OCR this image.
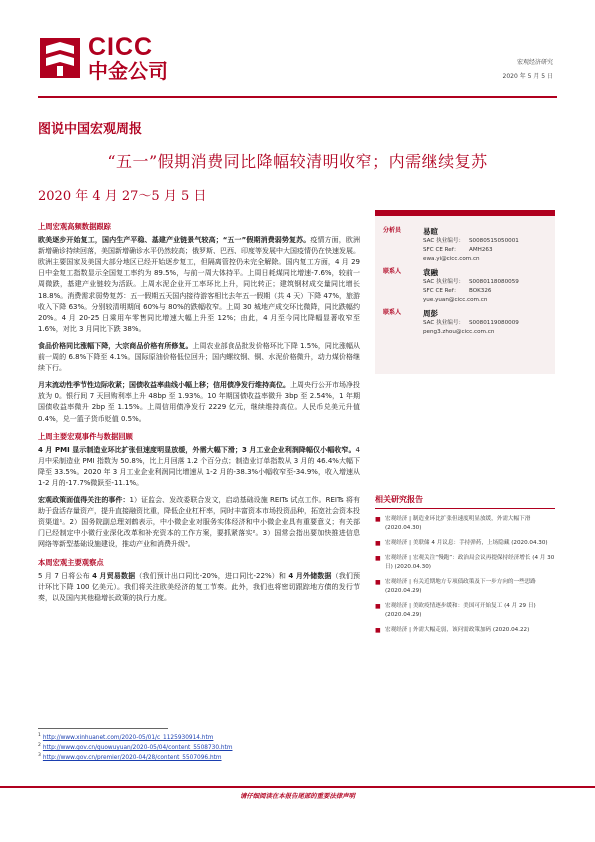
CICC
中金公司	宏观经济研究
2020 年 5 月 5 日
图说中国宏观周报
“五一”假期消费同比降幅较清明收窄；内需继续复苏
2020 年 4 月 27～5 月 5 日
上周宏观高频数据跟踪
欧美逐步开始复工，国内生产平稳、基建产业链景气较高；“五一”假期消费弱势复苏。疫情方面，欧洲新增确诊持续回落，美国新增确诊水平仍然较高；俄罗斯、巴西、印度等发展中大国疫情仍在快速发展。欧洲主要国家及美国大部分地区已经开始逐步复工，但隔离管控仍未完全解除。国内复工方面，4 月 29 日中金复工指数显示全国复工率约为 89.5%，与前一周大体持平。上周日耗煤同比增速-7.6%，较前一周微跌，基建产业链较为活跃。上周水泥企业开工率环比上升，同比转正；建筑钢材成交量同比增长 18.8%。消费需求弱势复苏：五一假期五天国内接待游客相比去年五一假期（共 4 天）下降 47%，旅游收入下降 63%。分别较清明期间 60%与 80%的跌幅收窄。上周 30 城地产成交环比微降，同比跌幅约 20%。4 月 20-25 日乘用车零售同比增速大幅上升至 12%；由此，4 月至今同比降幅显著收窄至 1.6%，对比 3 月同比下跌 38%。
食品价格同比涨幅下降，大宗商品价格有所修复。上周农业部食品批发价格环比下降 1.5%，同比涨幅从前一周的 6.8%下降至 4.1%。国际原油价格低位回升；国内螺纹钢、铜、水泥价格微升，动力煤价格继续下行。
月末流动性季节性边际收紧；国债收益率曲线小幅上移；信用债净发行维持高位。上周央行公开市场净投放为 0。银行间 7 天回购利率上升 48bp 至 1.93%。10 年期国债收益率微升 3bp 至 2.54%，1 年期国债收益率微升 2bp 至 1.15%。上周信用债净发行 2229 亿元，继续维持高位。人民币兑美元升值 0.4%，兑一篮子货币贬值 0.5%。
上周主要宏观事件与数据回顾
4 月 PMI 显示制造业环比扩张但速度明显放缓，外需大幅下滑；3 月工业企业利润降幅仅小幅收窄。4 月中采制造业 PMI 指数为 50.8%，比上月回落 1.2 个百分点；制造业订单指数从 3 月的 46.4%大幅下降至 33.5%。2020 年 3 月工业企业利润同比增速从 1-2 月的-38.3%小幅收窄至-34.9%，收入增速从 1-2 月的-17.7%微跃至-11.1%。
宏观政策面值得关注的事件：1）证监会、发改委联合发文，启动基础设施 REITs 试点工作。REITs 将有助于盘活存量资产，提升直接融资比重，降低企业杠杆率，同时丰富资本市场投资品种，拓宽社会资本投资渠道¹。2）国务院副总理刘鹤表示，中小微企业对服务实体经济和中小微企业具有重要意义；有关部门已经制定中小微行业深化改革和补充资本的工作方案，要抓紧落实²。3）国常会指出要加快推进信息网络等新型基础设施建设，推动产业和消费升级³。
本周宏观主要观察点
5 月 7 日将公布 4 月贸易数据（我们预计出口同比-20%，进口同比-22%）和 4 月外储数据（我们预计环比下降 100 亿美元）。我们将关注欧美经济的复工节奏。此外，我们也将密切跟踪地方债的发行节奏，以及国内其他稳增长政策的执行力度。
分析员	易暄
SAC 执业编号： S0080515050001
SFC CE Ref：	AMH263
ewa.yi@cicc.com.cn
联系人	袁融
SAC 执业编号： S0080118080059
SFC CE Ref：	BOK326
yue.yuan@cicc.com.cn
联系人	周彭
SAC 执业编号： S0080119080009
peng3.zhou@cicc.com.cn
相关研究报告
■ 宏观经济 | 制造业环比扩张但速度明显放缓，外需大幅下滑 (2020.04.30)
■ 宏观经济 | 美联储 4 月议息：手持弹药，上场隐藏 (2020.04.30)
■ 宏观经济 | 宏观关注“慢跑”：政治局会议再提保持经济增长 (4 月 30 日) (2020.04.30)
■ 宏观经济 | 有关近期地方专项债政策及下一步方向的一些思路 (2020.04.29)
■ 宏观经济 | 美欧疫情逐步缓和：美国可开始复工 (4 月 29 日) (2020.04.29)
■ 宏观经济 | 外需大幅走弱，该问需政策加码 (2020.04.22)
$^1$ http://www.xinhuanet.com/2020-05/01/c_1125930914.htm
$^2$ http://www.gov.cn/guowuyuan/2020-05/04/content_5508730.htm
$^3$ http://www.gov.cn/premier/2020-04/28/content_5507096.htm
请仔细阅读在本报告尾部的重要法律声明
